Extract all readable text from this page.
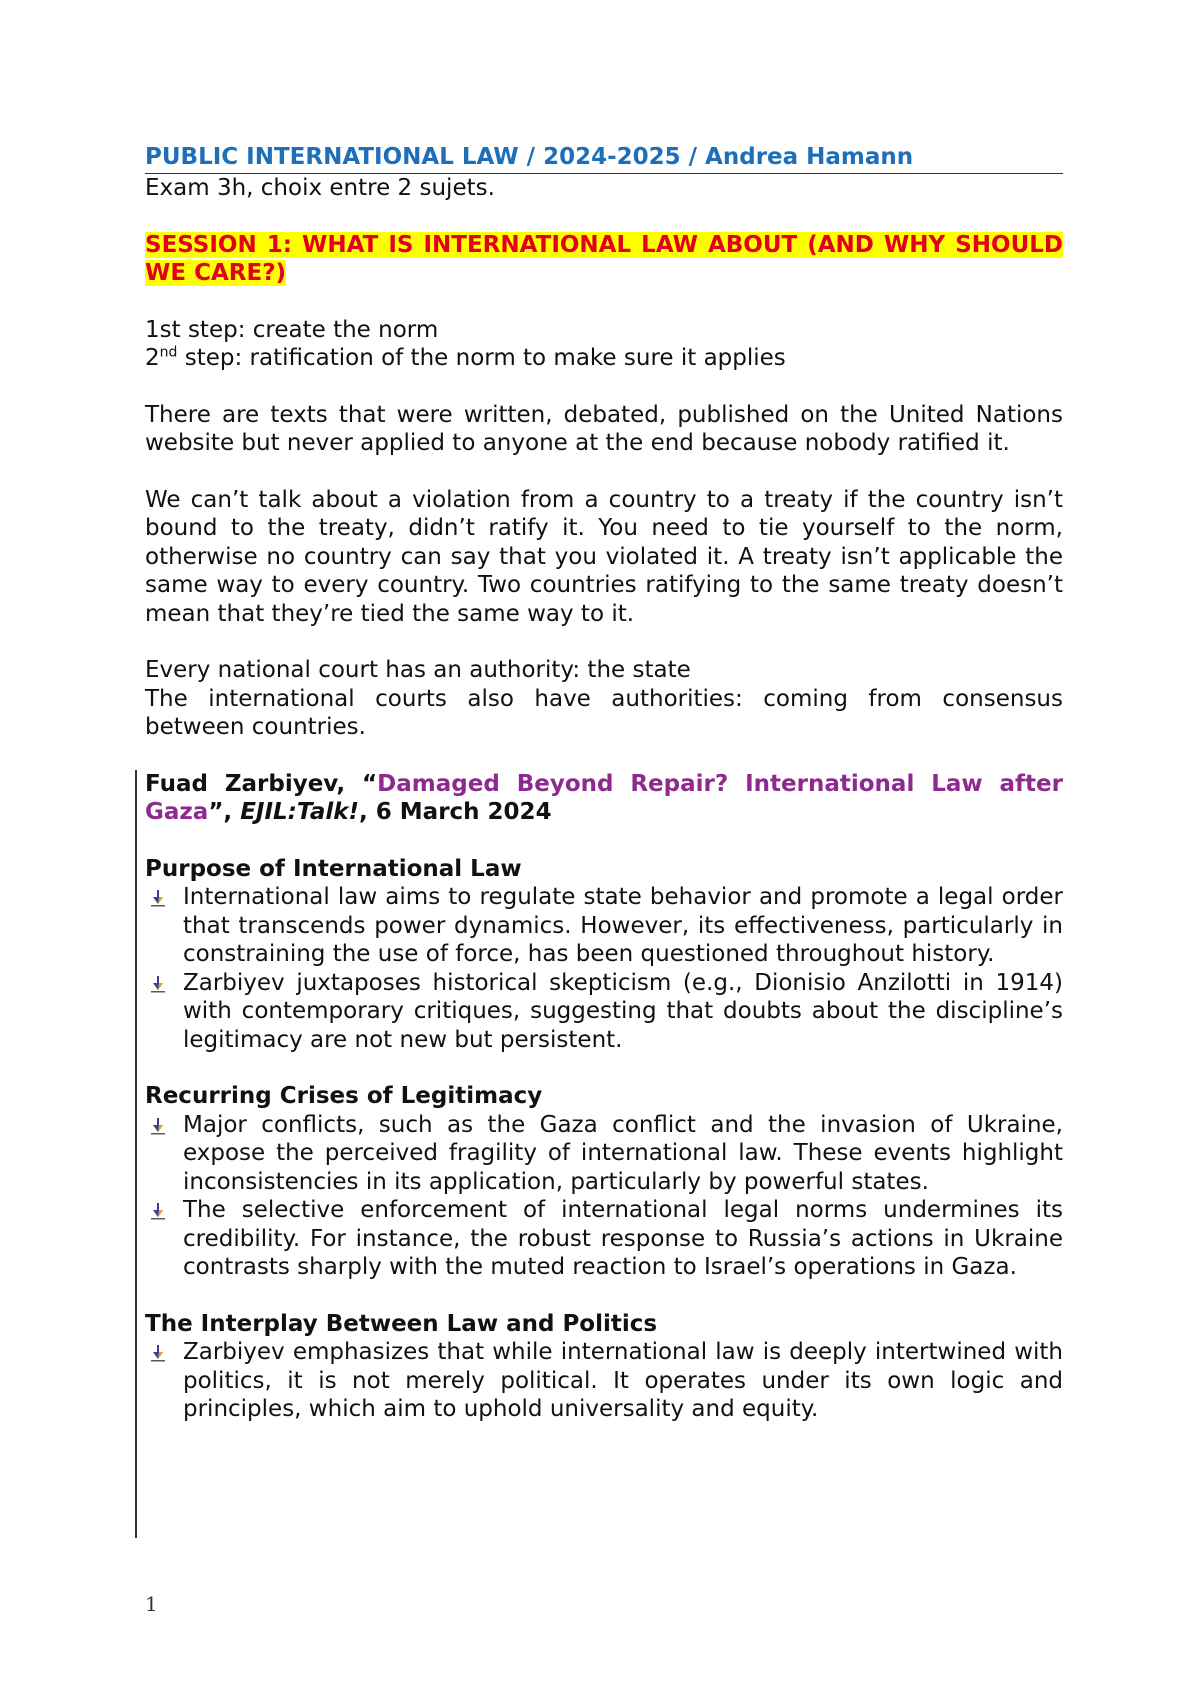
PUBLIC INTERNATIONAL LAW / 2024-2025 / Andrea Hamann
Exam 3h, choix entre 2 sujets.
SESSION 1: WHAT IS INTERNATIONAL LAW ABOUT (AND WHY SHOULD WE CARE?)

1st step: create the norm

2nd step: ratification of the norm to make sure it applies

There are texts that were written, debated, published on the United Nations website but never applied to anyone at the end because nobody ratified it.

We can’t talk about a violation from a country to a treaty if the country isn’t bound to the treaty, didn’t ratify it. You need to tie yourself to the norm, otherwise no country can say that you violated it. A treaty isn’t applicable the same way to every country. Two countries ratifying to the same treaty doesn’t mean that they’re tied the same way to it.

Every national court has an authority: the state

The international courts also have authorities: coming from consensus between countries.

Fuad Zarbiyev, “Damaged Beyond Repair? International Law after Gaza”, EJIL:Talk!, 6 March 2024

Purpose of International Law
International law aims to regulate state behavior and promote a legal order that transcends power dynamics. However, its effectiveness, particularly in constraining the use of force, has been questioned throughout history.
Zarbiyev juxtaposes historical skepticism (e.g., Dionisio Anzilotti in 1914) with contemporary critiques, suggesting that doubts about the discipline’s legitimacy are not new but persistent.
Recurring Crises of Legitimacy
Major conflicts, such as the Gaza conflict and the invasion of Ukraine, expose the perceived fragility of international law. These events highlight inconsistencies in its application, particularly by powerful states.
The selective enforcement of international legal norms undermines its credibility. For instance, the robust response to Russia’s actions in Ukraine contrasts sharply with the muted reaction to Israel’s operations in Gaza.
The Interplay Between Law and Politics
Zarbiyev emphasizes that while international law is deeply intertwined with politics, it is not merely political. It operates under its own logic and principles, which aim to uphold universality and equity.
1
